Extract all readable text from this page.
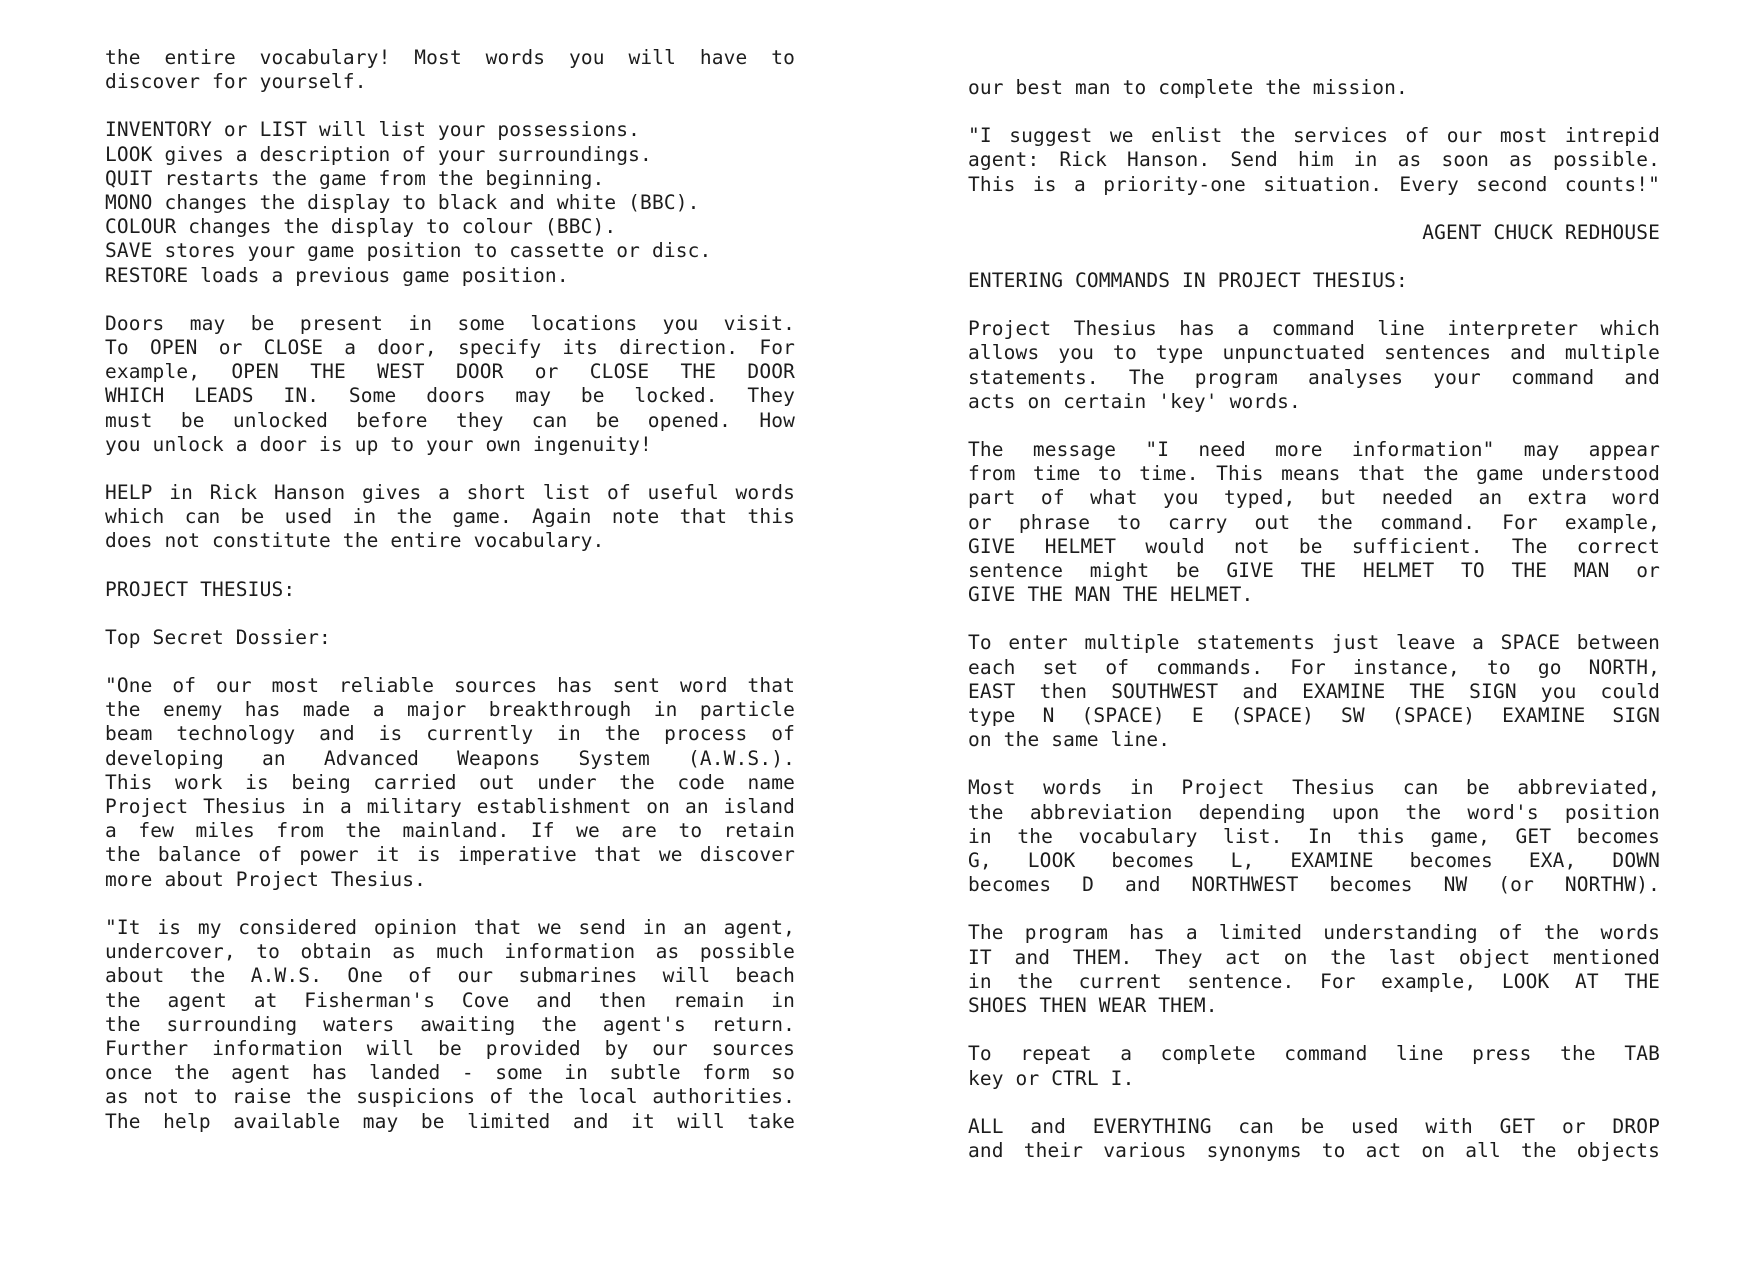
the entire vocabulary! Most words you will have to
discover for yourself.

INVENTORY or LIST will list your possessions.
LOOK gives a description of your surroundings.
QUIT restarts the game from the beginning.
MONO changes the display to black and white (BBC).
COLOUR changes the display to colour (BBC).
SAVE stores your game position to cassette or disc.
RESTORE loads a previous game position.

Doors may be present in some locations you visit.
To OPEN or CLOSE a door, specify its direction. For
example, OPEN THE WEST DOOR or CLOSE THE DOOR
WHICH LEADS IN. Some doors may be locked. They
must be unlocked before they can be opened. How
you unlock a door is up to your own ingenuity!

HELP in Rick Hanson gives a short list of useful words
which can be used in the game. Again note that this
does not constitute the entire vocabulary.

PROJECT THESIUS:

Top Secret Dossier:

"One of our most reliable sources has sent word that
the enemy has made a major breakthrough in particle
beam technology and is currently in the process of
developing an Advanced Weapons System (A.W.S.).
This work is being carried out under the code name
Project Thesius in a military establishment on an island
a few miles from the mainland. If we are to retain
the balance of power it is imperative that we discover
more about Project Thesius.

"It is my considered opinion that we send in an agent,
undercover, to obtain as much information as possible
about the A.W.S. One of our submarines will beach
the agent at Fisherman's Cove and then remain in
the surrounding waters awaiting the agent's return.
Further information will be provided by our sources
once the agent has landed - some in subtle form so
as not to raise the suspicions of the local authorities.
The help available may be limited and it will take

our best man to complete the mission.

"I suggest we enlist the services of our most intrepid
agent: Rick Hanson. Send him in as soon as possible.
This is a priority-one situation. Every second counts!"

AGENT CHUCK REDHOUSE

ENTERING COMMANDS IN PROJECT THESIUS:

Project Thesius has a command line interpreter which
allows you to type unpunctuated sentences and multiple
statements. The program analyses your command and
acts on certain 'key' words.

The message "I need more information" may appear
from time to time. This means that the game understood
part of what you typed, but needed an extra word
or phrase to carry out the command. For example,
GIVE HELMET would not be sufficient. The correct
sentence might be GIVE THE HELMET TO THE MAN or
GIVE THE MAN THE HELMET.

To enter multiple statements just leave a SPACE between
each set of commands. For instance, to go NORTH,
EAST then SOUTHWEST and EXAMINE THE SIGN you could
type N (SPACE) E (SPACE) SW (SPACE) EXAMINE SIGN
on the same line.

Most words in Project Thesius can be abbreviated,
the abbreviation depending upon the word's position
in the vocabulary list. In this game, GET becomes
G, LOOK becomes L, EXAMINE becomes EXA, DOWN
becomes D and NORTHWEST becomes NW (or NORTHW).

The program has a limited understanding of the words
IT and THEM. They act on the last object mentioned
in the current sentence. For example, LOOK AT THE
SHOES THEN WEAR THEM.

To repeat a complete command line press the TAB
key or CTRL I.

ALL and EVERYTHING can be used with GET or DROP
and their various synonyms to act on all the objects
